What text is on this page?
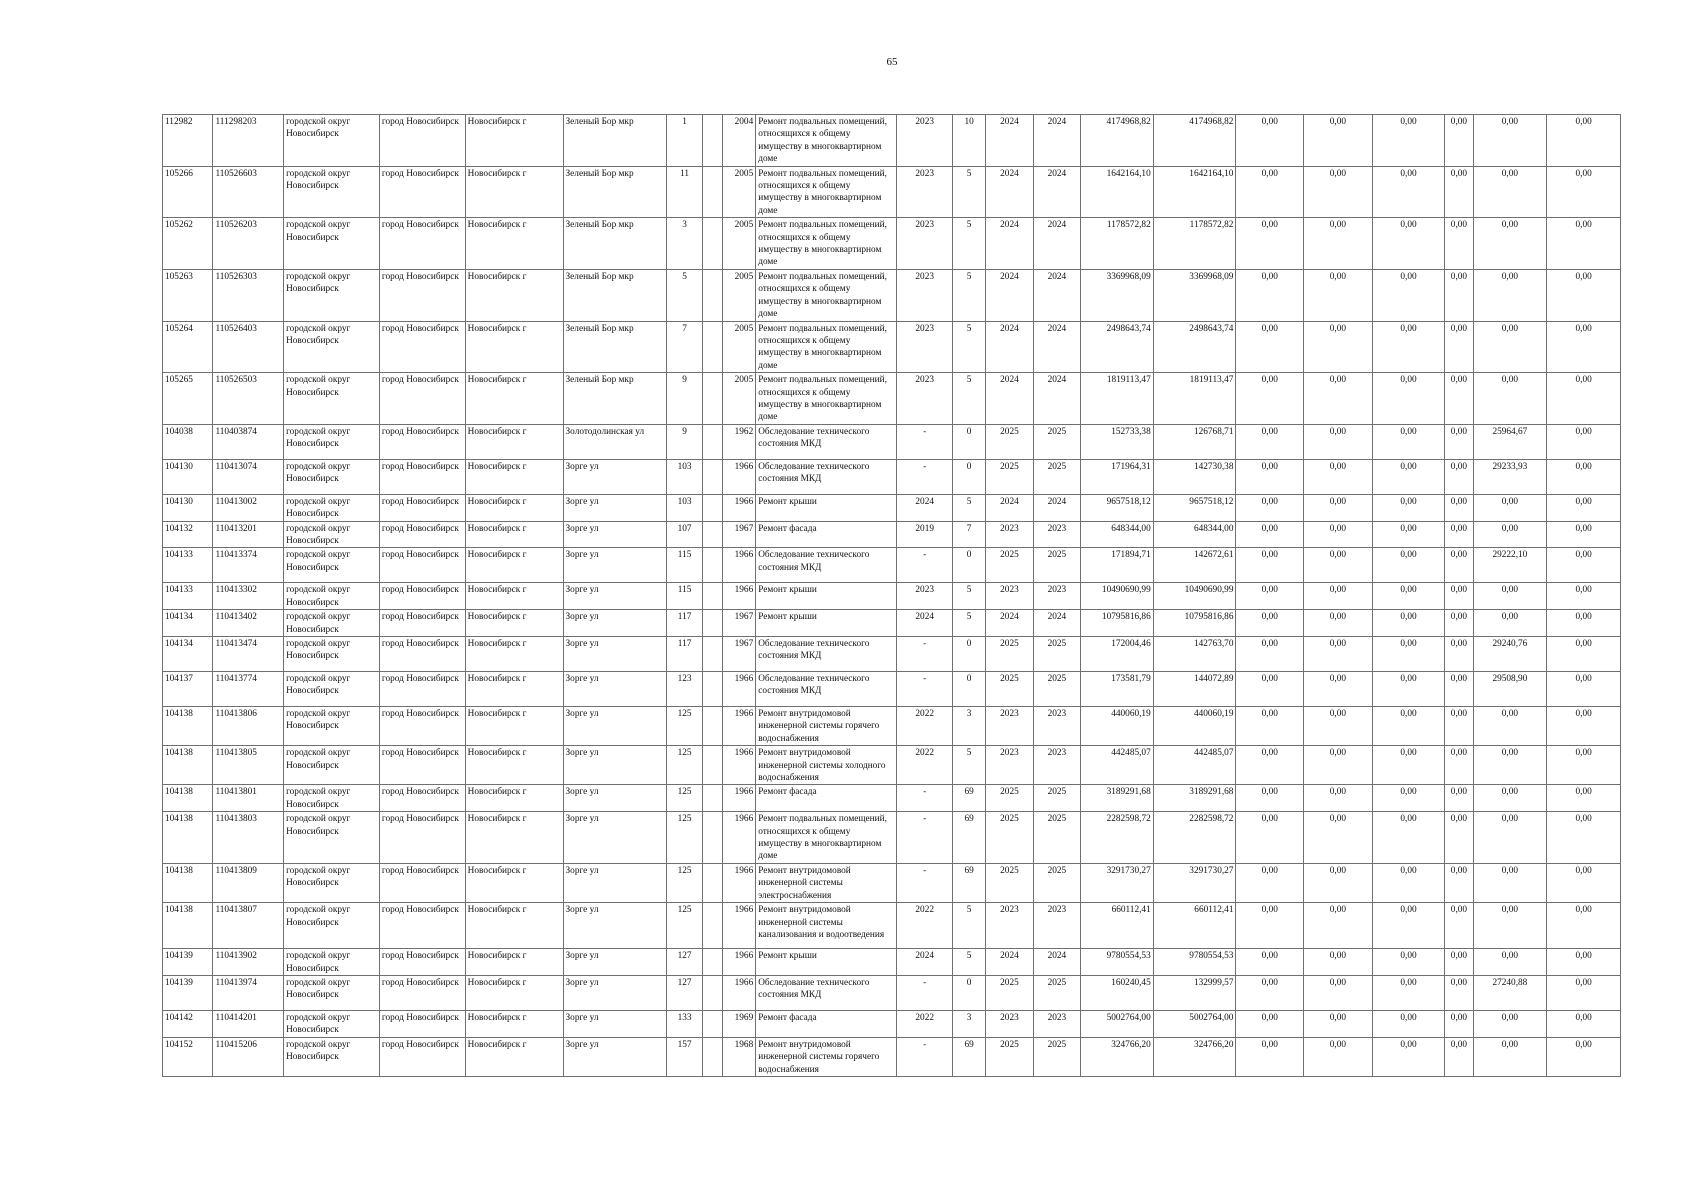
65
112982	111298203	городской округ Новосибирск	город Новосибирск	Новосибирск г	Зеленый Бор мкр	1		2004	Ремонт подвальных помещений, относящихся к общему имуществу в многоквартирном доме	2023	10	2024	2024	4174968,82	4174968,82	0,00	0,00	0,00	0,00	0,00	0,00
105266	110526603	городской округ Новосибирск	город Новосибирск	Новосибирск г	Зеленый Бор мкр	11		2005	Ремонт подвальных помещений, относящихся к общему имуществу в многоквартирном доме	2023	5	2024	2024	1642164,10	1642164,10	0,00	0,00	0,00	0,00	0,00	0,00
105262	110526203	городской округ Новосибирск	город Новосибирск	Новосибирск г	Зеленый Бор мкр	3		2005	Ремонт подвальных помещений, относящихся к общему имуществу в многоквартирном доме	2023	5	2024	2024	1178572,82	1178572,82	0,00	0,00	0,00	0,00	0,00	0,00
105263	110526303	городской округ Новосибирск	город Новосибирск	Новосибирск г	Зеленый Бор мкр	5		2005	Ремонт подвальных помещений, относящихся к общему имуществу в многоквартирном доме	2023	5	2024	2024	3369968,09	3369968,09	0,00	0,00	0,00	0,00	0,00	0,00
105264	110526403	городской округ Новосибирск	город Новосибирск	Новосибирск г	Зеленый Бор мкр	7		2005	Ремонт подвальных помещений, относящихся к общему имуществу в многоквартирном доме	2023	5	2024	2024	2498643,74	2498643,74	0,00	0,00	0,00	0,00	0,00	0,00
105265	110526503	городской округ Новосибирск	город Новосибирск	Новосибирск г	Зеленый Бор мкр	9		2005	Ремонт подвальных помещений, относящихся к общему имуществу в многоквартирном доме	2023	5	2024	2024	1819113,47	1819113,47	0,00	0,00	0,00	0,00	0,00	0,00
104038	110403874	городской округ Новосибирск	город Новосибирск	Новосибирск г	Золотодолинская ул	9		1962	Обследование технического состояния МКД	-	0	2025	2025	152733,38	126768,71	0,00	0,00	0,00	0,00	25964,67	0,00
104130	110413074	городской округ Новосибирск	город Новосибирск	Новосибирск г	Зорге ул	103		1966	Обследование технического состояния МКД	-	0	2025	2025	171964,31	142730,38	0,00	0,00	0,00	0,00	29233,93	0,00
104130	110413002	городской округ Новосибирск	город Новосибирск	Новосибирск г	Зорге ул	103		1966	Ремонт крыши	2024	5	2024	2024	9657518,12	9657518,12	0,00	0,00	0,00	0,00	0,00	0,00
104132	110413201	городской округ Новосибирск	город Новосибирск	Новосибирск г	Зорге ул	107		1967	Ремонт фасада	2019	7	2023	2023	648344,00	648344,00	0,00	0,00	0,00	0,00	0,00	0,00
104133	110413374	городской округ Новосибирск	город Новосибирск	Новосибирск г	Зорге ул	115		1966	Обследование технического состояния МКД	-	0	2025	2025	171894,71	142672,61	0,00	0,00	0,00	0,00	29222,10	0,00
104133	110413302	городской округ Новосибирск	город Новосибирск	Новосибирск г	Зорге ул	115		1966	Ремонт крыши	2023	5	2023	2023	10490690,99	10490690,99	0,00	0,00	0,00	0,00	0,00	0,00
104134	110413402	городской округ Новосибирск	город Новосибирск	Новосибирск г	Зорге ул	117		1967	Ремонт крыши	2024	5	2024	2024	10795816,86	10795816,86	0,00	0,00	0,00	0,00	0,00	0,00
104134	110413474	городской округ Новосибирск	город Новосибирск	Новосибирск г	Зорге ул	117		1967	Обследование технического состояния МКД	-	0	2025	2025	172004,46	142763,70	0,00	0,00	0,00	0,00	29240,76	0,00
104137	110413774	городской округ Новосибирск	город Новосибирск	Новосибирск г	Зорге ул	123		1966	Обследование технического состояния МКД	-	0	2025	2025	173581,79	144072,89	0,00	0,00	0,00	0,00	29508,90	0,00
104138	110413806	городской округ Новосибирск	город Новосибирск	Новосибирск г	Зорге ул	125		1966	Ремонт внутридомовой инженерной системы горячего водоснабжения	2022	3	2023	2023	440060,19	440060,19	0,00	0,00	0,00	0,00	0,00	0,00
104138	110413805	городской округ Новосибирск	город Новосибирск	Новосибирск г	Зорге ул	125		1966	Ремонт внутридомовой инженерной системы холодного водоснабжения	2022	5	2023	2023	442485,07	442485,07	0,00	0,00	0,00	0,00	0,00	0,00
104138	110413801	городской округ Новосибирск	город Новосибирск	Новосибирск г	Зорге ул	125		1966	Ремонт фасада	-	69	2025	2025	3189291,68	3189291,68	0,00	0,00	0,00	0,00	0,00	0,00
104138	110413803	городской округ Новосибирск	город Новосибирск	Новосибирск г	Зорге ул	125		1966	Ремонт подвальных помещений, относящихся к общему имуществу в многоквартирном доме	-	69	2025	2025	2282598,72	2282598,72	0,00	0,00	0,00	0,00	0,00	0,00
104138	110413809	городской округ Новосибирск	город Новосибирск	Новосибирск г	Зорге ул	125		1966	Ремонт внутридомовой инженерной системы электроснабжения	-	69	2025	2025	3291730,27	3291730,27	0,00	0,00	0,00	0,00	0,00	0,00
104138	110413807	городской округ Новосибирск	город Новосибирск	Новосибирск г	Зорге ул	125		1966	Ремонт внутридомовой инженерной системы канализования и водоотведения	2022	5	2023	2023	660112,41	660112,41	0,00	0,00	0,00	0,00	0,00	0,00
104139	110413902	городской округ Новосибирск	город Новосибирск	Новосибирск г	Зорге ул	127		1966	Ремонт крыши	2024	5	2024	2024	9780554,53	9780554,53	0,00	0,00	0,00	0,00	0,00	0,00
104139	110413974	городской округ Новосибирск	город Новосибирск	Новосибирск г	Зорге ул	127		1966	Обследование технического состояния МКД	-	0	2025	2025	160240,45	132999,57	0,00	0,00	0,00	0,00	27240,88	0,00
104142	110414201	городской округ Новосибирск	город Новосибирск	Новосибирск г	Зорге ул	133		1969	Ремонт фасада	2022	3	2023	2023	5002764,00	5002764,00	0,00	0,00	0,00	0,00	0,00	0,00
104152	110415206	городской округ Новосибирск	город Новосибирск	Новосибирск г	Зорге ул	157		1968	Ремонт внутридомовой инженерной системы горячего водоснабжения	-	69	2025	2025	324766,20	324766,20	0,00	0,00	0,00	0,00	0,00	0,00
